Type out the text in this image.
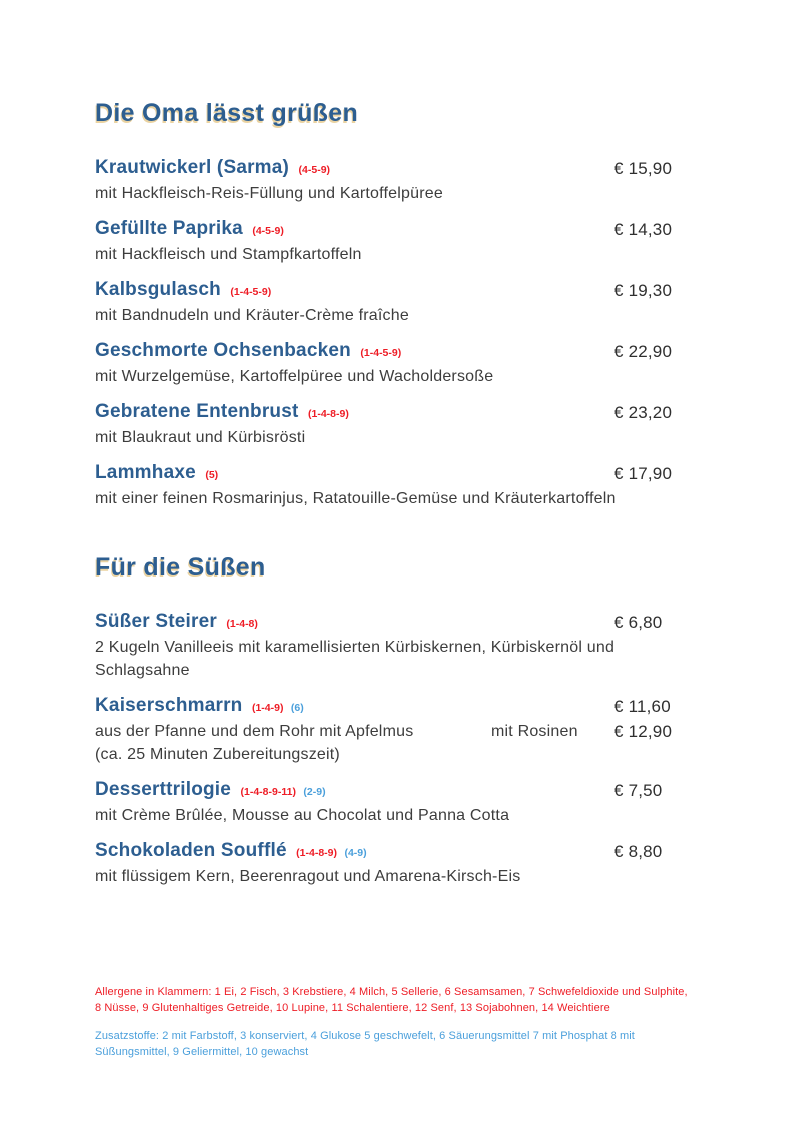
Die Oma lässt grüßen
Krautwickerl (Sarma) (4-5-9)	€ 15,90
mit Hackfleisch-Reis-Füllung und Kartoffelpüree
Gefüllte Paprika (4-5-9)	€ 14,30
mit Hackfleisch und Stampfkartoffeln
Kalbsgulasch (1-4-5-9)	€ 19,30
mit Bandnudeln und Kräuter-Crème fraîche
Geschmorte Ochsenbacken (1-4-5-9)	€ 22,90
mit Wurzelgemüse, Kartoffelpüree und Wacholdersoße
Gebratene Entenbrust (1-4-8-9)	€ 23,20
mit Blaukraut und Kürbisrösti
Lammhaxe (5)	€ 17,90
mit einer feinen Rosmarinjus, Ratatouille-Gemüse und Kräuterkartoffeln
Für die Süßen
Süßer Steirer (1-4-8)	€ 6,80
2 Kugeln Vanilleeis mit karamellisierten Kürbiskernen, Kürbiskernöl und Schlagsahne
Kaiserschmarrn (1-4-9) (6)	€ 11,60
aus der Pfanne und dem Rohr mit Apfelmus	mit Rosinen € 12,90
(ca. 25 Minuten Zubereitungszeit)
Desserttrilogie (1-4-8-9-11) (2-9)	€ 7,50
mit Crème Brûlée, Mousse au Chocolat und Panna Cotta
Schokoladen Soufflé (1-4-8-9) (4-9)	€ 8,80
mit flüssigem Kern, Beerenragout und Amarena-Kirsch-Eis
Allergene in Klammern: 1 Ei, 2 Fisch, 3 Krebstiere, 4 Milch, 5 Sellerie, 6 Sesamsamen, 7 Schwefeldioxide und Sulphite, 8 Nüsse, 9 Glutenhaltiges Getreide, 10 Lupine, 11 Schalentiere, 12 Senf, 13 Sojabohnen, 14 Weichtiere
Zusatzstoffe: 2 mit Farbstoff, 3 konserviert, 4 Glukose 5 geschwefelt, 6 Säuerungsmittel 7 mit Phosphat 8 mit Süßungsmittel, 9 Geliermittel, 10 gewachst
